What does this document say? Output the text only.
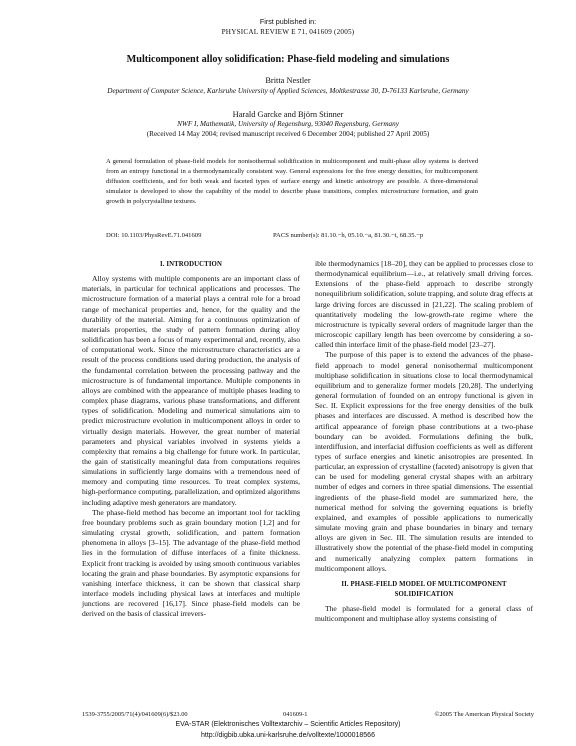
First published in:
PHYSICAL REVIEW E 71, 041609 (2005)
Multicomponent alloy solidification: Phase-field modeling and simulations
Britta Nestler
Department of Computer Science, Karlsruhe University of Applied Sciences, Moltkestrasse 30, D-76133 Karlsruhe, Germany
Harald Garcke and Björn Stinner
NWF I, Mathematik, University of Regensburg, 93040 Regensburg, Germany
(Received 14 May 2004; revised manuscript received 6 December 2004; published 27 April 2005)
A general formulation of phase-field models for nonisothermal solidification in multicomponent and multi-phase alloy systems is derived from an entropy functional in a thermodynamically consistent way. General expressions for the free energy densities, for multicomponent diffusion coefficients, and for both weak and faceted types of surface energy and kinetic anisotropy are possible. A three-dimensional simulator is developed to show the capability of the model to describe phase transitions, complex microstructure formation, and grain growth in polycrystalline textures.
DOI: 10.1103/PhysRevE.71.041609	PACS number(s): 81.10.−h, 05.10.−a, 81.30.−t, 68.35.−p
I. INTRODUCTION

Alloy systems with multiple components are an important class of materials, in particular for technical applications and processes. The microstructure formation of a material plays a central role for a broad range of mechanical properties and, hence, for the quality and the durability of the material. Aiming for a continuous optimization of materials properties, the study of pattern formation during alloy solidification has been a focus of many experimental and, recently, also of computational work. Since the microstructure characteristics are a result of the process conditions used during production, the analysis of the fundamental correlation between the processing pathway and the microstructure is of fundamental importance. Multiple components in alloys are combined with the appearance of multiple phases leading to complex phase diagrams, various phase transformations, and different types of solidification. Modeling and numerical simulations aim to predict microstructure evolution in multicomponent alloys in order to virtually design materials. However, the great number of material parameters and physical variables involved in systems yields a complexity that remains a big challenge for future work. In particular, the gain of statistically meaningful data from computations requires simulations in sufficiently large domains with a tremendous need of memory and computing time resources. To treat complex systems, high-performance computing, parallelization, and optimized algorithms including adaptive mesh generators are mandatory.

The phase-field method has become an important tool for tackling free boundary problems such as grain boundary motion [1,2] and for simulating crystal growth, solidification, and pattern formation phenomena in alloys [3–15]. The advantage of the phase-field method lies in the formulation of diffuse interfaces of a finite thickness. Explicit front tracking is avoided by using smooth continuous variables locating the grain and phase boundaries. By asymptotic expansions for vanishing interface thickness, it can be shown that classical sharp interface models including physical laws at interfaces and multiple junctions are recovered [16,17]. Since phase-field models can be derived on the basis of classical irrevers-

ible thermodynamics [18–20], they can be applied to processes close to thermodynamical equilibrium—i.e., at relatively small driving forces. Extensions of the phase-field approach to describe strongly nonequilibrium solidification, solute trapping, and solute drag effects at large driving forces are discussed in [21,22]. The scaling problem of quantitatively modeling the low-growth-rate regime where the microstructure is typically several orders of magnitude larger than the microscopic capillary length has been overcome by considering a so-called thin interface limit of the phase-field model [23–27].

The purpose of this paper is to extend the advances of the phase-field approach to model general nonisothermal multicomponent multiphase solidification in situations close to local thermodynamical equilibrium and to generalize former models [20,28]. The underlying general formulation of founded on an entropy functional is given in Sec. II. Explicit expressions for the free energy densities of the bulk phases and interfaces are discussed. A method is described how the artifical appearance of foreign phase contributions at a two-phase boundary can be avoided. Formulations defining the bulk, interdiffusion, and interfacial diffusion coefficients as well as different types of surface energies and kinetic anisotropies are presented. In particular, an expression of crystalline (faceted) anisotropy is given that can be used for modeling general crystal shapes with an arbitrary number of edges and corners in three spatial dimensions. The essential ingredients of the phase-field model are summarized here, the numerical method for solving the governing equations is briefly explained, and examples of possible applications to numerically simulate moving grain and phase boundaries in binary and ternary alloys are given in Sec. III. The simulation results are intended to illustratively show the potential of the phase-field model in computing and numerically analyzing complex pattern formations in multicomponent alloys.

II. PHASE-FIELD MODEL OF MULTICOMPONENT SOLIDIFICATION

The phase-field model is formulated for a general class of multicomponent and multiphase alloy systems consisting of

1539-3755/2005/71(4)/041609(6)/$23.00	041609-1	©2005 The American Physical Society
EVA-STAR (Elektronisches Volltextarchiv – Scientific Articles Repository)
http://digbib.ubka.uni-karlsruhe.de/volltexte/1000018566
